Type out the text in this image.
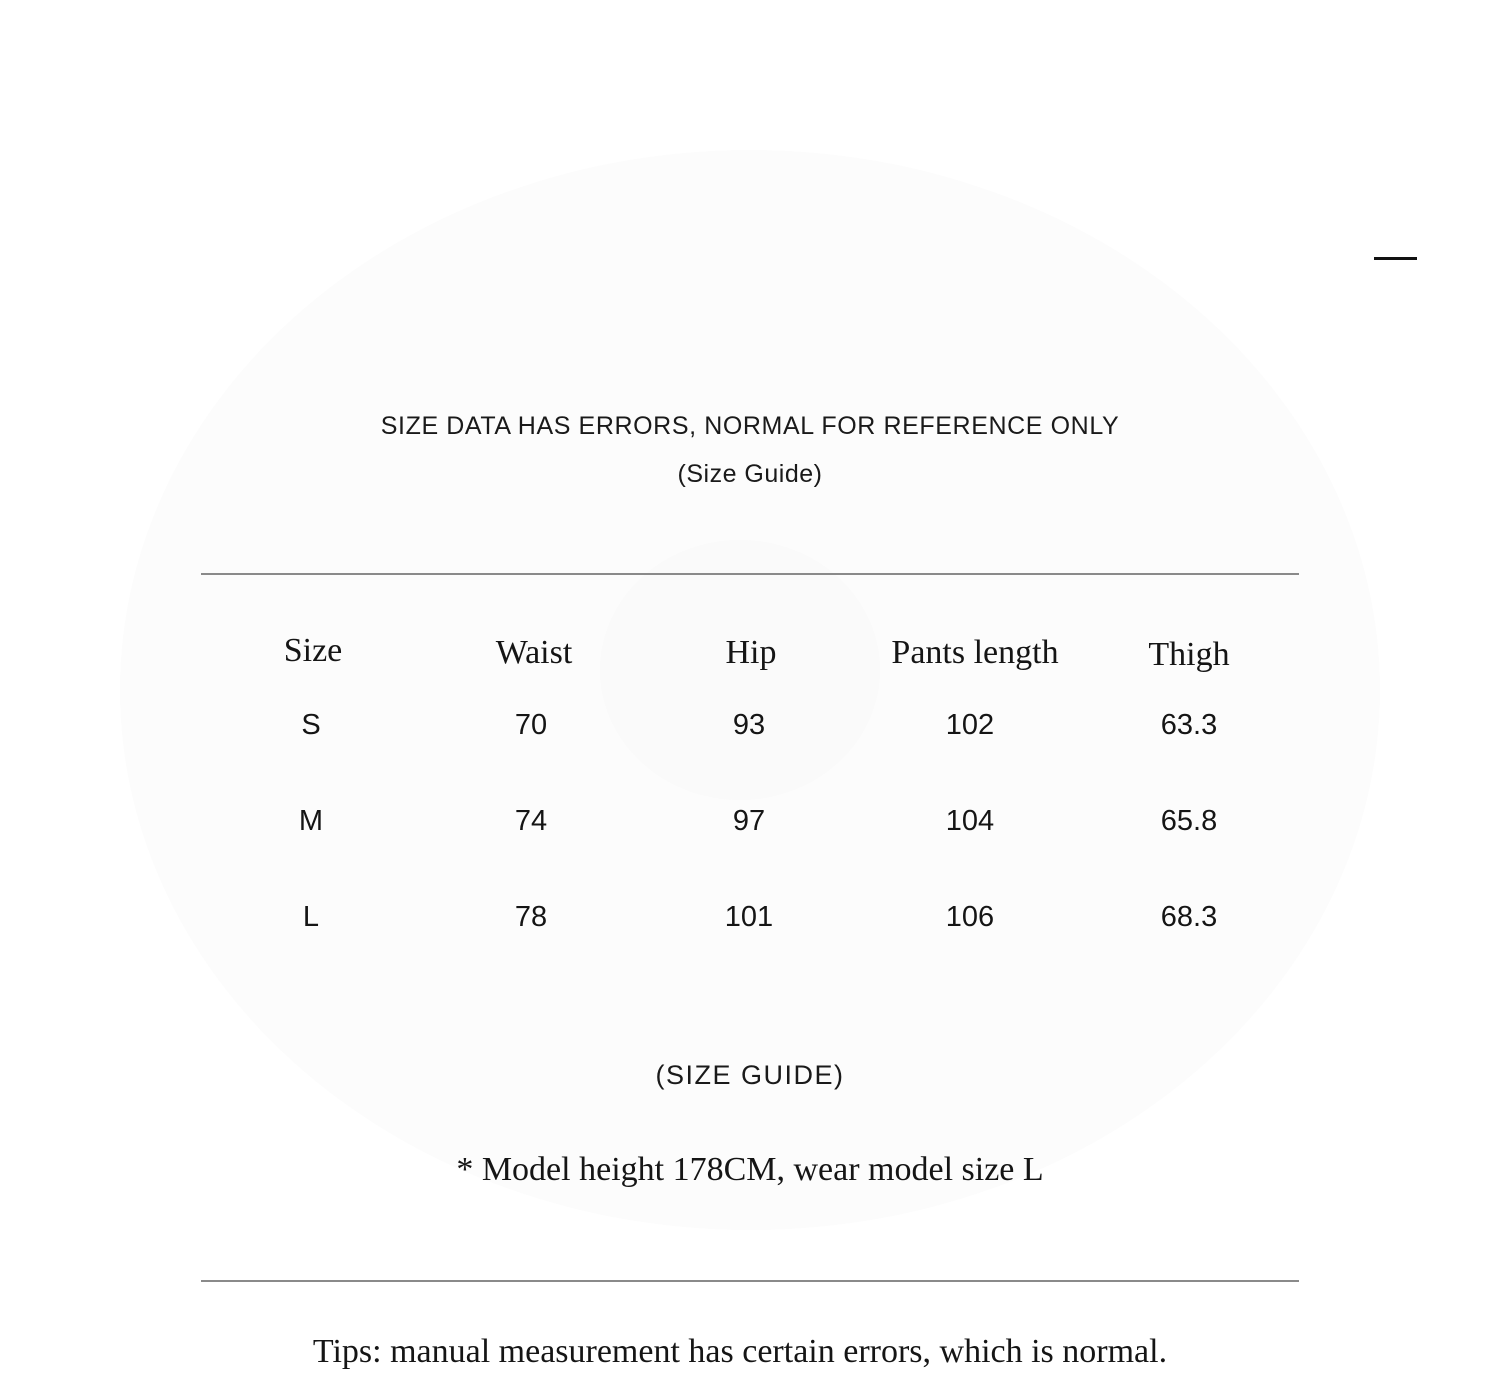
SIZE DATA HAS ERRORS, NORMAL FOR REFERENCE ONLY
(Size Guide)
Size	Waist	Hip	Pants length	Thigh
S	70	93	102	63.3
M	74	97	104	65.8
L	78	101	106	68.3
(SIZE GUIDE)
* Model height 178CM, wear model size L
Tips: manual measurement has certain errors, which is normal.
